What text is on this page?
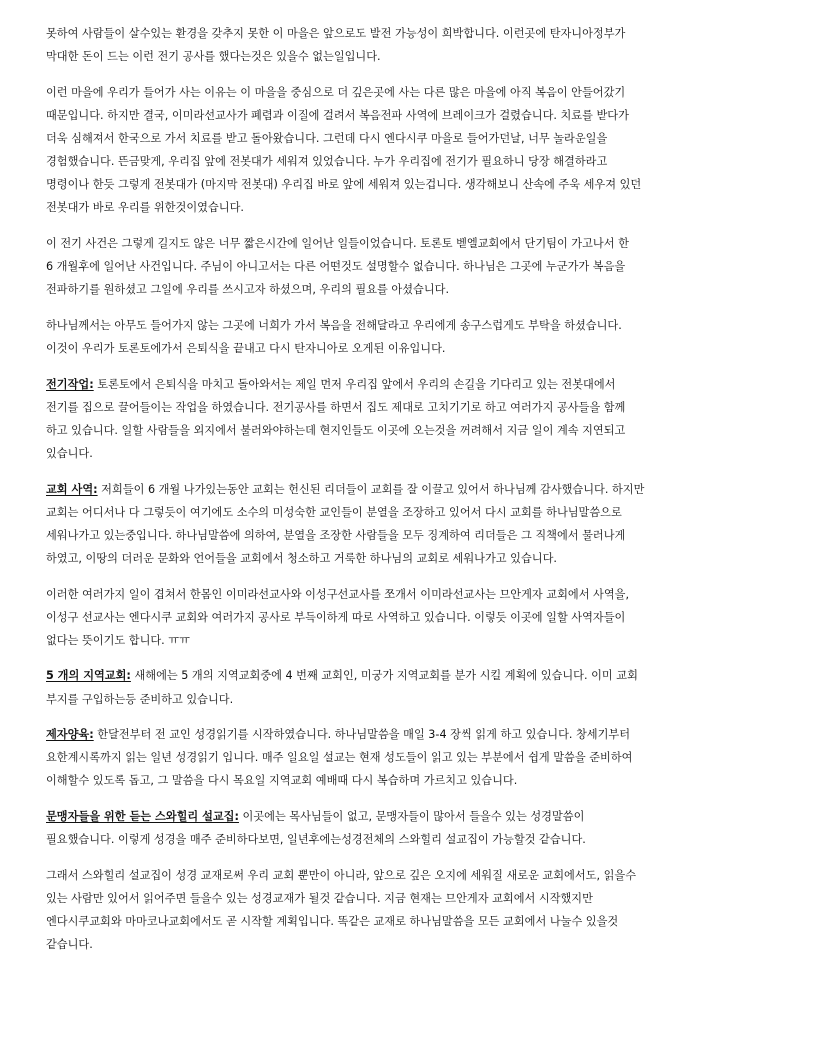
못하여 사람들이 살수있는 환경을 갖추지 못한 이 마을은 앞으로도 발전 가능성이 희박합니다. 이런곳에 탄자니아정부가
막대한 돈이 드는 이런 전기 공사를 했다는것은 있을수 없는일입니다.
이런 마을에 우리가 들어가 사는 이유는 이 마을을 중심으로 더 깊은곳에 사는 다른 많은 마을에 아직 복음이 안들어갔기
때문입니다. 하지만 결국, 이미라선교사가 폐렴과 이질에 걸려서 복음전파 사역에 브레이크가 걸렸습니다. 치료를 받다가
더욱 심해져서 한국으로 가서 치료를 받고 돌아왔습니다. 그런데 다시 엔다시쿠 마을로 들어가던날, 너무 놀라운일을
경험했습니다. 뜬금맞게, 우리집 앞에 전봇대가 세워져 있었습니다. 누가 우리집에 전기가 필요하니 당장 해결하라고
명령이나 한듯 그렇게 전봇대가 (마지막 전봇대) 우리집 바로 앞에 세워져 있는겁니다. 생각해보니 산속에 주욱 세우져 있던
전봇대가 바로 우리를 위한것이였습니다.
이 전기 사건은 그렇게 길지도 않은 너무 짧은시간에 일어난 일들이었습니다. 토론토 벧엘교회에서 단기팀이 가고나서 한
6 개월후에 일어난 사건입니다. 주님이 아니고서는 다른 어떤것도 설명할수 없습니다. 하나님은 그곳에 누군가가 복음을
전파하기를 원하셨고 그일에 우리를 쓰시고자 하셨으며, 우리의 필요를 아셨습니다.
하나님께서는 아무도 들어가지 않는 그곳에 너희가 가서 복음을 전해달라고 우리에게 송구스럽게도 부탁을 하셨습니다.
이것이 우리가 토론토에가서 은퇴식을 끝내고 다시 탄자니아로 오게된 이유입니다.
전기작업: 토론토에서 은퇴식을 마치고 돌아와서는 제일 먼저 우리집 앞에서 우리의 손길을 기다리고 있는 전봇대에서
전기를 집으로 끌어들이는 작업을 하였습니다. 전기공사를 하면서 집도 제대로 고치기기로 하고 여러가지 공사들을 함께
하고 있습니다. 일할 사람들을 외지에서 불러와야하는데 현지인들도 이곳에 오는것을 꺼려해서 지금 일이 계속 지연되고
있습니다.
교회 사역: 저희들이 6 개월 나가있는동안 교회는 헌신된 리더들이 교회를 잘 이끌고 있어서 하나님께 감사했습니다. 하지만
교회는 어디서나 다 그렇듯이 여기에도 소수의 미성숙한 교인들이 분열을 조장하고 있어서 다시 교회를 하나님말씀으로
세워나가고 있는중입니다. 하나님말씀에 의하여, 분열을 조장한 사람들을 모두 징계하여 리더들은 그 직책에서 물러나게
하였고, 이땅의 더러운 문화와 언어들을 교회에서 청소하고 거룩한 하나님의 교회로 세워나가고 있습니다.
이러한 여러가지 일이 겹쳐서 한몸인 이미라선교사와 이성구선교사를 쪼개서 이미라선교사는 므안게자 교회에서 사역을,
이성구 선교사는 엔다시쿠 교회와 여러가지 공사로 부득이하게 따로 사역하고 있습니다. 이렇듯 이곳에 일할 사역자들이
없다는 뜻이기도 합니다. ㅠㅠ
5 개의 지역교회: 새해에는 5 개의 지역교회중에 4 번째 교회인, 미궁가 지역교회를 분가 시킬 계획에 있습니다. 이미 교회
부지를 구입하는등 준비하고 있습니다.
제자양육: 한달전부터 전 교인 성경읽기를 시작하였습니다. 하나님말씀을 매일 3-4 장씩 읽게 하고 있습니다. 창세기부터
요한계시록까지 읽는 일년 성경읽기 입니다. 매주 일요일 설교는 현재 성도들이 읽고 있는 부분에서 쉽게 말씀을 준비하여
이해할수 있도록 돕고, 그 말씀을 다시 목요일 지역교회 예배때 다시 복습하며 가르치고 있습니다.
문맹자들을 위한 듣는 스와힐리 설교집: 이곳에는 목사님들이 없고, 문맹자들이 많아서 들을수 있는 성경말씀이
필요했습니다. 이렇게 성경을 매주 준비하다보면, 일년후에는성경전체의 스와힐리 설교집이 가능할것 같습니다.
그래서 스와힐리 설교집이 성경 교재로써 우리 교회 뿐만이 아니라, 앞으로 깊은 오지에 세워질 새로운 교회에서도, 읽을수
있는 사람만 있어서 읽어주면 들을수 있는 성경교재가 될것 같습니다. 지금 현재는 므안게자 교회에서 시작했지만
엔다시쿠교회와 마마코나교회에서도 곧 시작할 계획입니다. 똑같은 교재로 하나님말씀을 모든 교회에서 나눌수 있을것
같습니다.
